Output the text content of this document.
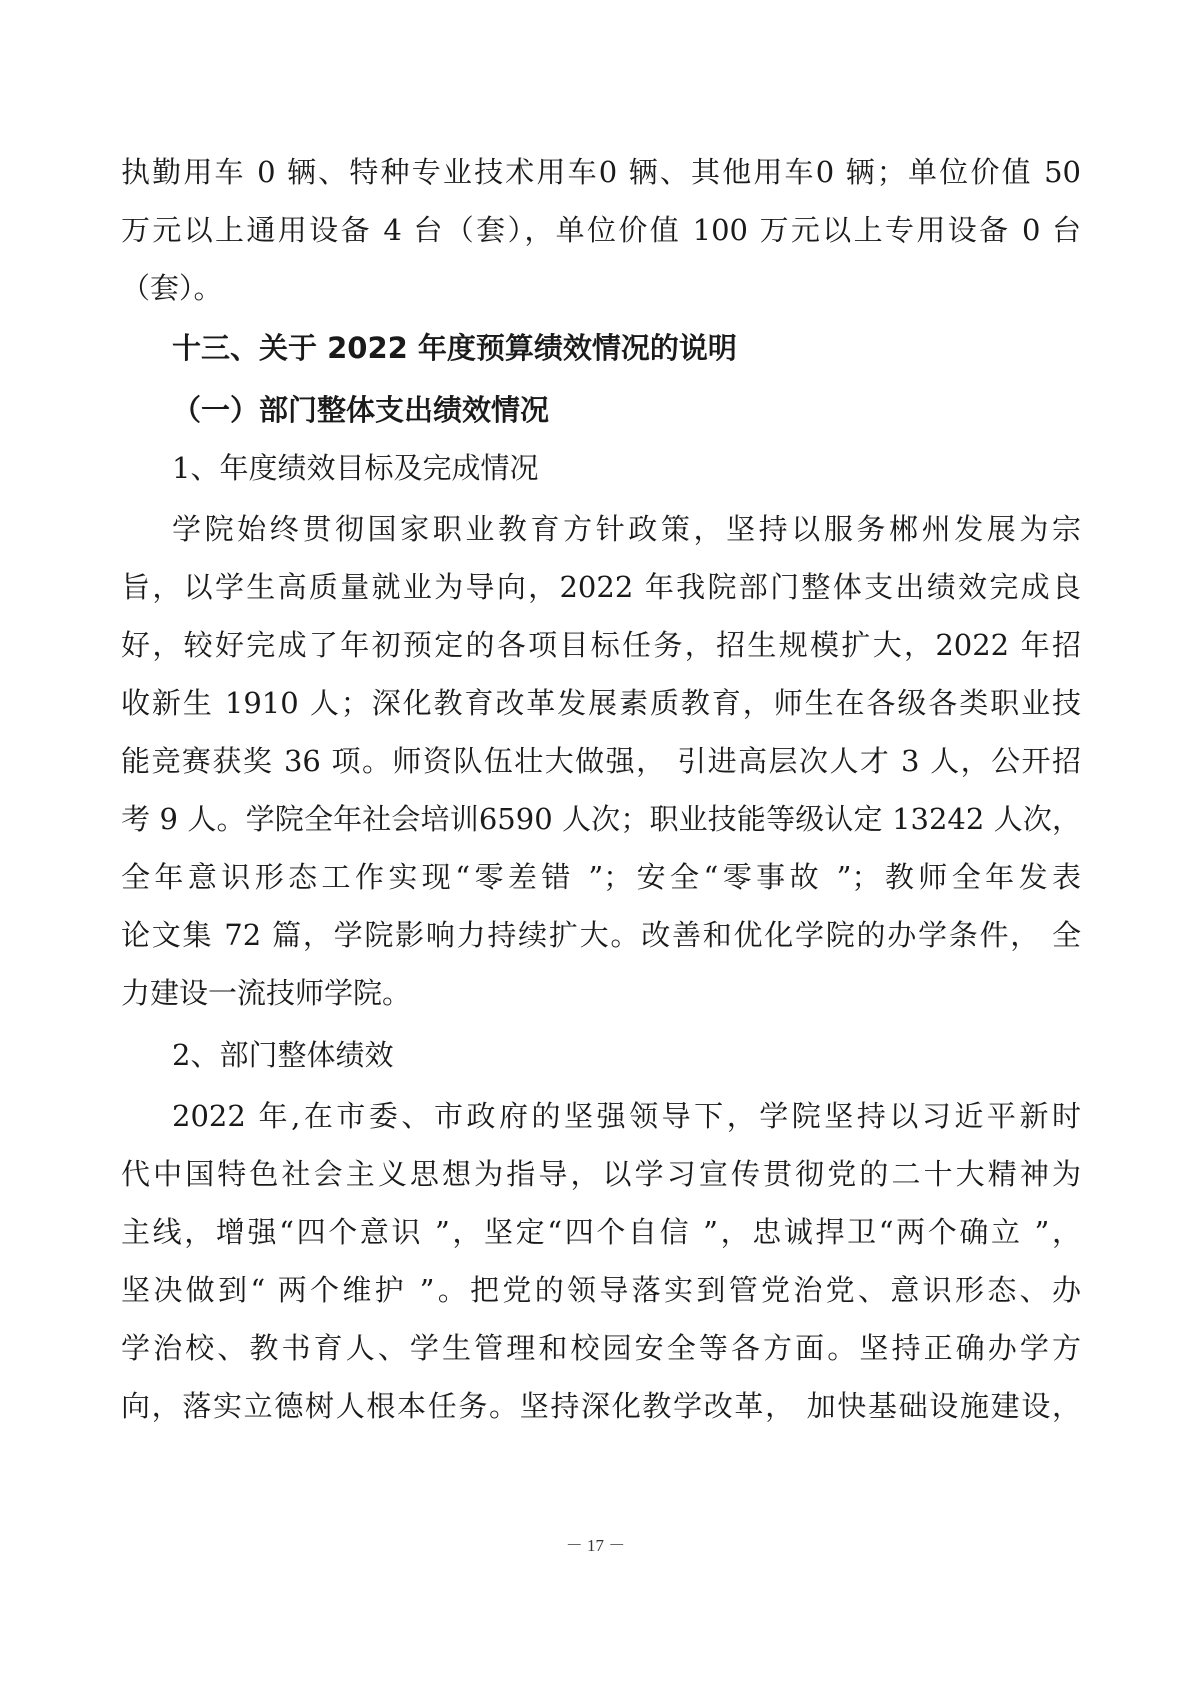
执勤用车 0 辆、特种专业技术用车0 辆、其他用车0 辆；单位价值 50
万元以上通用设备 4 台（套），单位价值 100 万元以上专用设备 0 台
（套）。
十三、关于 2022 年度预算绩效情况的说明
（一）部门整体支出绩效情况
1、年度绩效目标及完成情况
学院始终贯彻国家职业教育方针政策，坚持以服务郴州发展为宗
旨，以学生高质量就业为导向，2022 年我院部门整体支出绩效完成良
好，较好完成了年初预定的各项目标任务，招生规模扩大，2022 年招
收新生 1910 人；深化教育改革发展素质教育，师生在各级各类职业技
能竞赛获奖 36 项。师资队伍壮大做强， 引进高层次人才 3 人，公开招
考 9 人。学院全年社会培训6590 人次；职业技能等级认定 13242 人次，
全年意识形态工作实现“零差错 ”；安全“零事故 ”；教师全年发表
论文集 72 篇，学院影响力持续扩大。改善和优化学院的办学条件， 全
力建设一流技师学院。
2、部门整体绩效
2022 年,在市委、市政府的坚强领导下，学院坚持以习近平新时
代中国特色社会主义思想为指导，以学习宣传贯彻党的二十大精神为
主线，增强“四个意识 ”，坚定“四个自信 ”，忠诚捍卫“两个确立 ”，
坚决做到“ 两个维护 ”。把党的领导落实到管党治党、意识形态、办
学治校、教书育人、学生管理和校园安全等各方面。坚持正确办学方
向，落实立德树人根本任务。坚持深化教学改革， 加快基础设施建设，
－ 17 －
